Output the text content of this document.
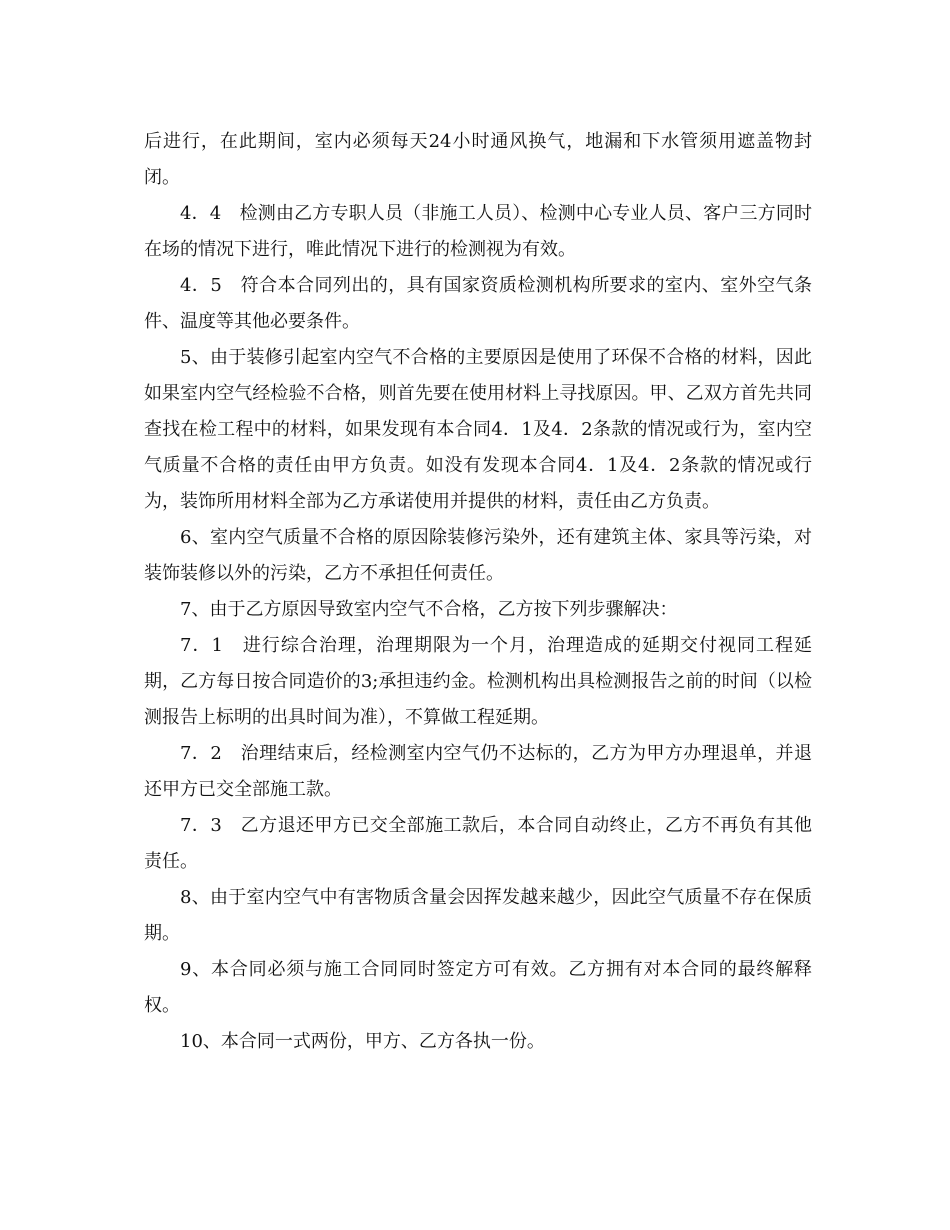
后进行，在此期间，室内必须每天24小时通风换气，地漏和下水管须用遮盖物封闭。

4．4　检测由乙方专职人员（非施工人员）、检测中心专业人员、客户三方同时在场的情况下进行，唯此情况下进行的检测视为有效。

4．5　符合本合同列出的，具有国家资质检测机构所要求的室内、室外空气条件、温度等其他必要条件。

5、由于装修引起室内空气不合格的主要原因是使用了环保不合格的材料，因此如果室内空气经检验不合格，则首先要在使用材料上寻找原因。甲、乙双方首先共同查找在检工程中的材料，如果发现有本合同4．1及4．2条款的情况或行为，室内空气质量不合格的责任由甲方负责。如没有发现本合同4．1及4．2条款的情况或行为，装饰所用材料全部为乙方承诺使用并提供的材料，责任由乙方负责。

6、室内空气质量不合格的原因除装修污染外，还有建筑主体、家具等污染，对装饰装修以外的污染，乙方不承担任何责任。

7、由于乙方原因导致室内空气不合格，乙方按下列步骤解决：

7．1　进行综合治理，治理期限为一个月，治理造成的延期交付视同工程延期，乙方每日按合同造价的3;承担违约金。检测机构出具检测报告之前的时间（以检测报告上标明的出具时间为准），不算做工程延期。

7．2　治理结束后，经检测室内空气仍不达标的，乙方为甲方办理退单，并退还甲方已交全部施工款。

7．3　乙方退还甲方已交全部施工款后，本合同自动终止，乙方不再负有其他责任。

8、由于室内空气中有害物质含量会因挥发越来越少，因此空气质量不存在保质期。

9、本合同必须与施工合同同时签定方可有效。乙方拥有对本合同的最终解释权。

10、本合同一式两份，甲方、乙方各执一份。
